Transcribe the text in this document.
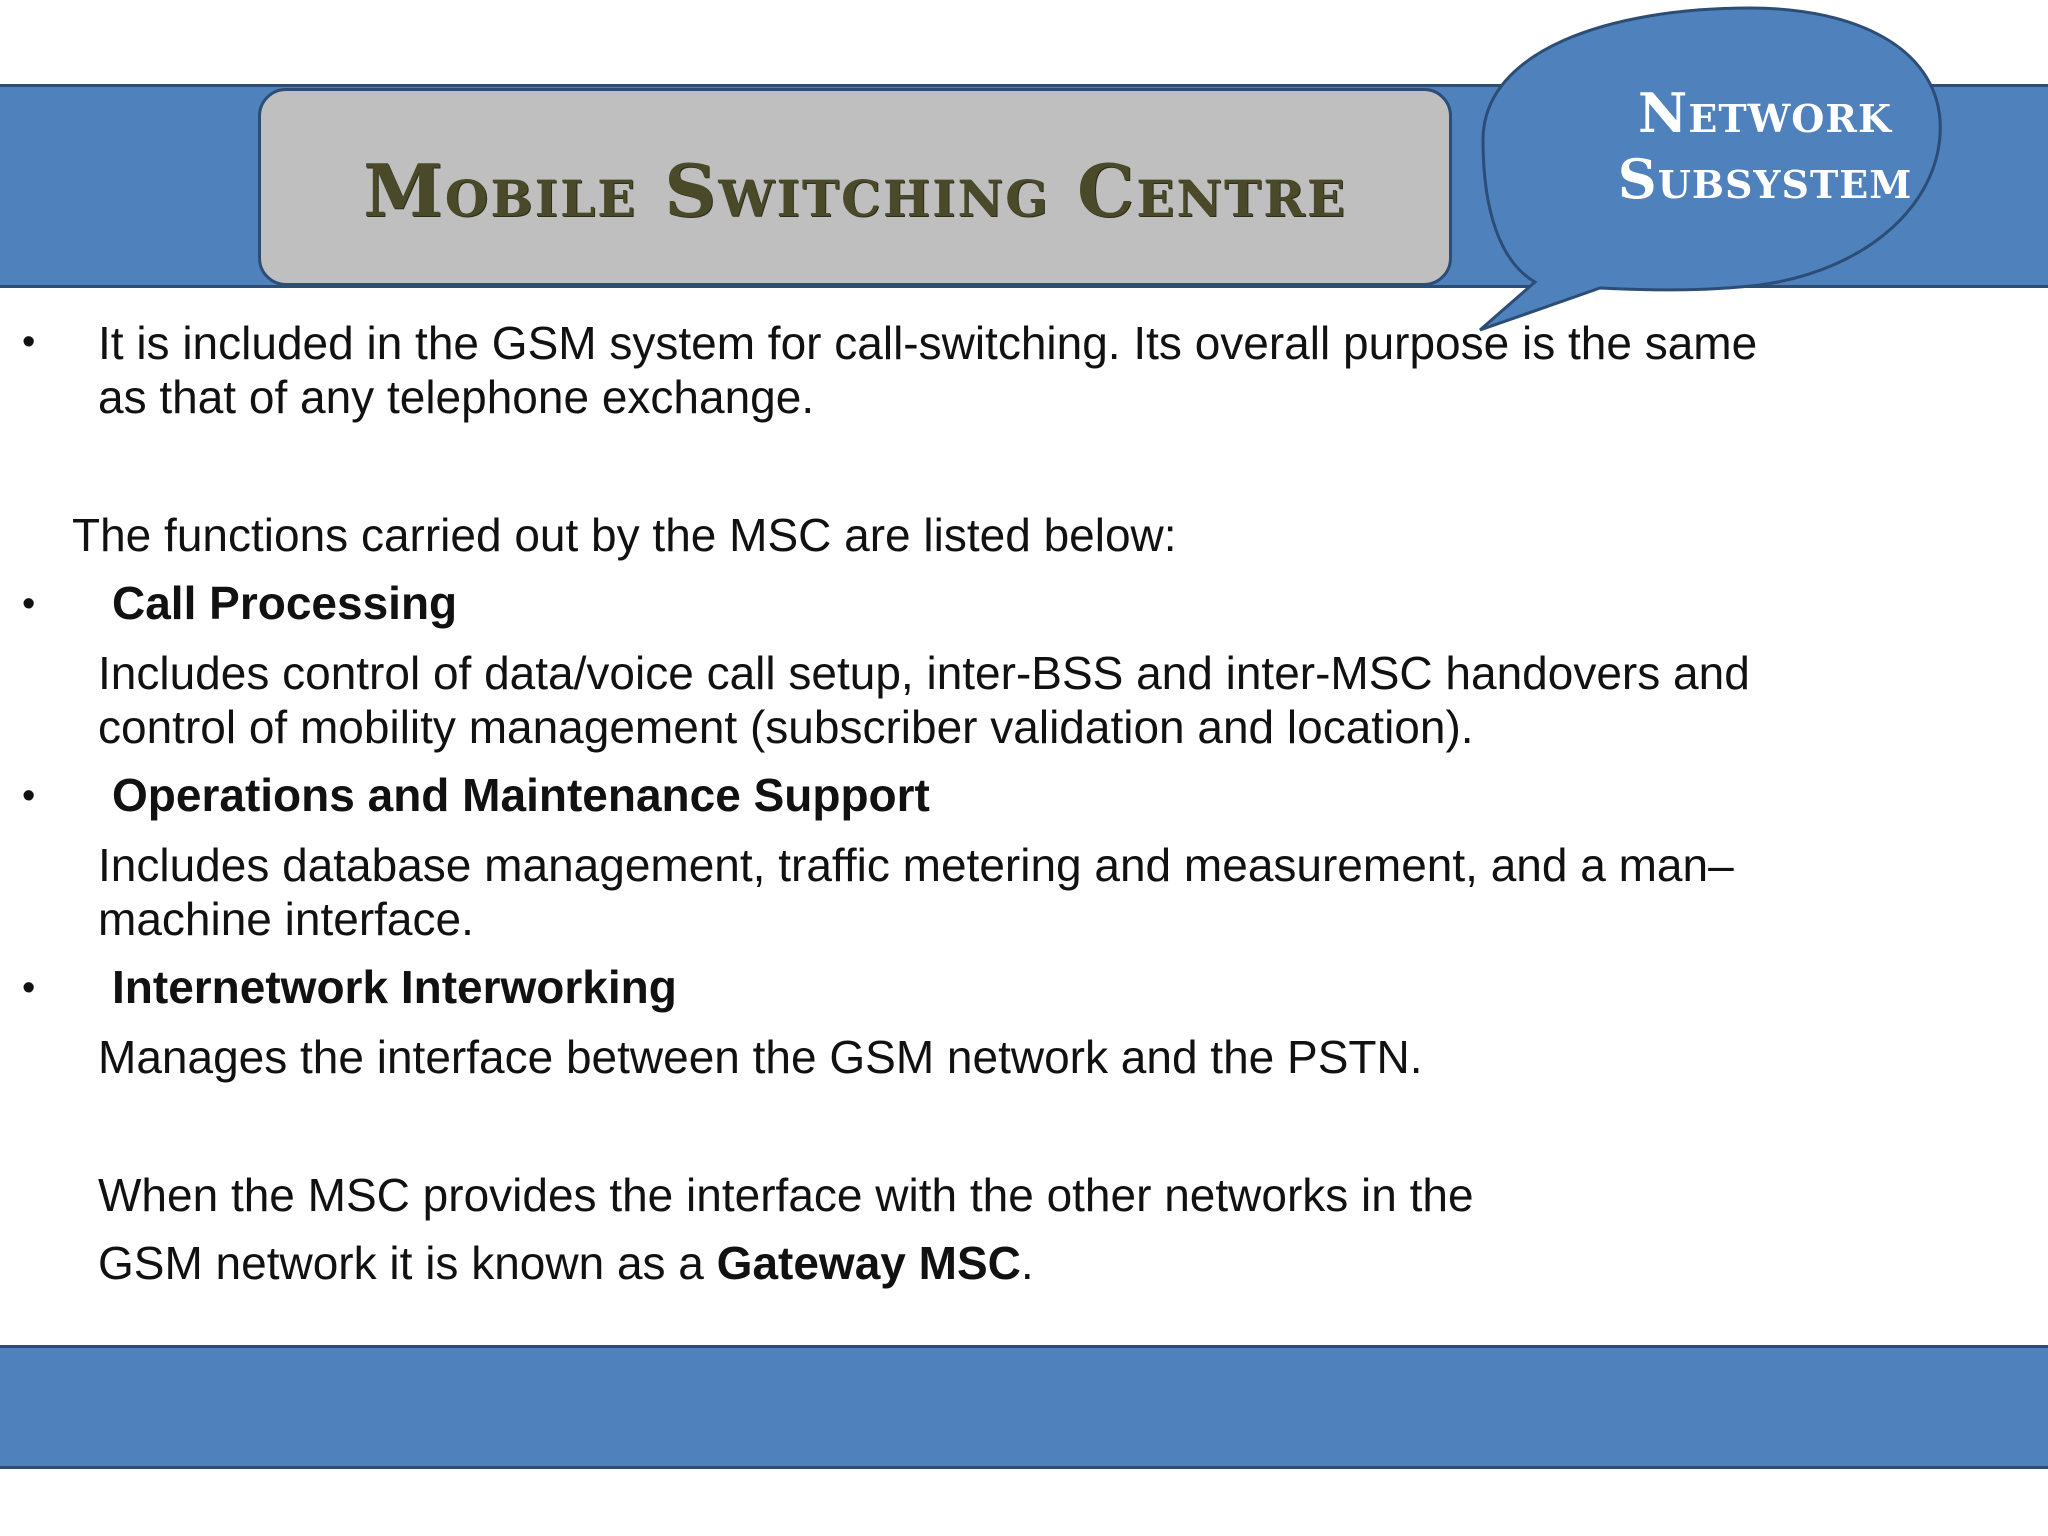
Mobile Switching Centre
Network
Subsystem
• It is included in the GSM system for call-switching. Its overall purpose is the same
as that of any telephone exchange.
The functions carried out by the MSC are listed below:
• Call Processing
Includes control of data/voice call setup, inter-BSS and inter-MSC handovers and
control of mobility management (subscriber validation and location).
• Operations and Maintenance Support
Includes database management, traffic metering and measurement, and a man–
machine interface.
• Internetwork Interworking
Manages the interface between the GSM network and the PSTN.
When the MSC provides the interface with the other networks in the
GSM network it is known as a Gateway MSC.
